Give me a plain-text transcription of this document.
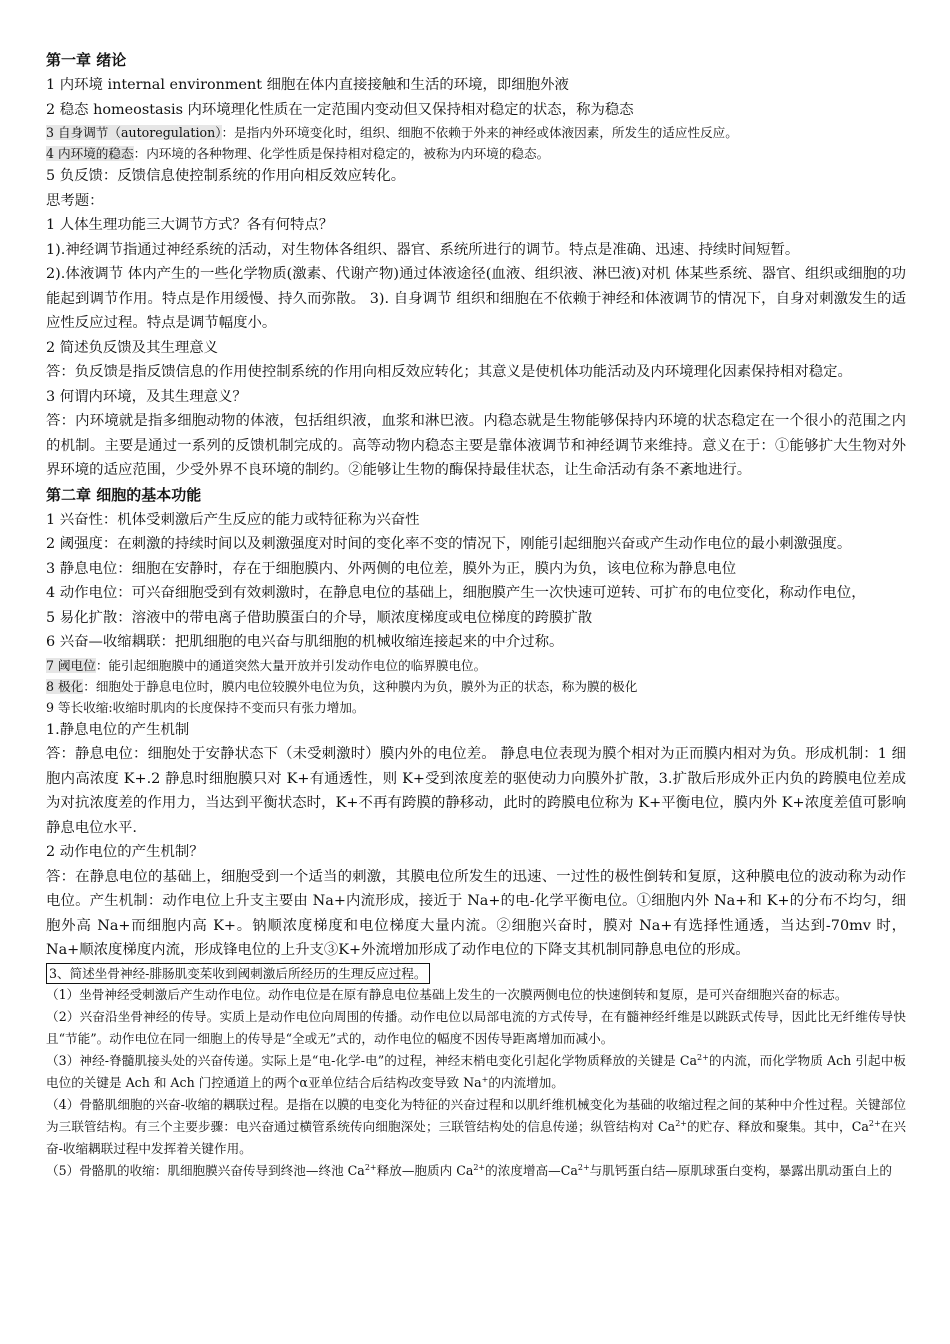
第一章 绪论

1 内环境 internal environment 细胞在体内直接接触和生活的环境，即细胞外液

2 稳态 homeostasis 内环境理化性质在一定范围内变动但又保持相对稳定的状态，称为稳态

3 自身调节（autoregulation）：是指内外环境变化时，组织、细胞不依赖于外来的神经或体液因素，所发生的适应性反应。

4 内环境的稳态：内环境的各种物理、化学性质是保持相对稳定的，被称为内环境的稳态。

5 负反馈：反馈信息使控制系统的作用向相反效应转化。

思考题：

1 人体生理功能三大调节方式？各有何特点？

1).神经调节指通过神经系统的活动，对生物体各组织、器官、系统所进行的调节。特点是准确、迅速、持续时间短暂。

2).体液调节 体内产生的一些化学物质(激素、代谢产物)通过体液途径(血液、组织液、淋巴液)对机 体某些系统、器官、组织或细胞的功能起到调节作用。特点是作用缓慢、持久而弥散。 3). 自身调节 组织和细胞在不依赖于神经和体液调节的情况下，自身对刺激发生的适应性反应过程。特点是调节幅度小。

2 简述负反馈及其生理意义

答：负反馈是指反馈信息的作用使控制系统的作用向相反效应转化；其意义是使机体功能活动及内环境理化因素保持相对稳定。

3 何谓内环境，及其生理意义？

答：内环境就是指多细胞动物的体液，包括组织液，血浆和淋巴液。内稳态就是生物能够保持内环境的状态稳定在一个很小的范围之内的机制。主要是通过一系列的反馈机制完成的。高等动物内稳态主要是靠体液调节和神经调节来维持。意义在于：①能够扩大生物对外界环境的适应范围，少受外界不良环境的制约。②能够让生物的酶保持最佳状态，让生命活动有条不紊地进行。

第二章 细胞的基本功能

1 兴奋性：机体受刺激后产生反应的能力或特征称为兴奋性

2 阈强度：在刺激的持续时间以及刺激强度对时间的变化率不变的情况下，刚能引起细胞兴奋或产生动作电位的最小刺激强度。

3 静息电位：细胞在安静时，存在于细胞膜内、外两侧的电位差，膜外为正，膜内为负，该电位称为静息电位

4 动作电位：可兴奋细胞受到有效刺激时，在静息电位的基础上，细胞膜产生一次快速可逆转、可扩布的电位变化，称动作电位，

5 易化扩散：溶液中的带电离子借助膜蛋白的介导，顺浓度梯度或电位梯度的跨膜扩散

6 兴奋—收缩耦联：把肌细胞的电兴奋与肌细胞的机械收缩连接起来的中介过称。

7 阈电位：能引起细胞膜中的通道突然大量开放并引发动作电位的临界膜电位。

8 极化：细胞处于静息电位时，膜内电位较膜外电位为负，这种膜内为负，膜外为正的状态，称为膜的极化

9 等长收缩:收缩时肌肉的长度保持不变而只有张力增加。

1.静息电位的产生机制

答：静息电位：细胞处于安静状态下（未受刺激时）膜内外的电位差。 静息电位表现为膜个相对为正而膜内相对为负。形成机制：1 细胞内高浓度 K+.2 静息时细胞膜只对 K+有通透性，则 K+受到浓度差的驱使动力向膜外扩散，3.扩散后形成外正内负的跨膜电位差成为对抗浓度差的作用力，当达到平衡状态时，K+不再有跨膜的静移动，此时的跨膜电位称为 K+平衡电位，膜内外 K+浓度差值可影响静息电位水平.

2 动作电位的产生机制？

答：在静息电位的基础上，细胞受到一个适当的刺激，其膜电位所发生的迅速、一过性的极性倒转和复原，这种膜电位的波动称为动作电位。产生机制：动作电位上升支主要由 Na+内流形成，接近于 Na+的电-化学平衡电位。①细胞内外 Na+和 K+的分布不均匀，细胞外高 Na+而细胞内高 K+。钠顺浓度梯度和电位梯度大量内流。②细胞兴奋时，膜对 Na+有选择性通透，当达到-70mv 时，Na+顺浓度梯度内流，形成锋电位的上升支③K+外流增加形成了动作电位的下降支其机制同静息电位的形成。

3、简述坐骨神经-腓肠肌变茱收到阈刺激后所经历的生理反应过程。

（1）坐骨神经受刺激后产生动作电位。动作电位是在原有静息电位基础上发生的一次膜两侧电位的快速倒转和复原，是可兴奋细胞兴奋的标志。

（2）兴奋沿坐骨神经的传导。实质上是动作电位向周围的传播。动作电位以局部电流的方式传导，在有髓神经纤维是以跳跃式传导，因此比无纤维传导快且“节能”。动作电位在同一细胞上的传导是“全或无”式的，动作电位的幅度不因传导距离增加而减小。

（3）神经-脊髓肌接头处的兴奋传递。实际上是“电-化学-电”的过程，神经末梢电变化引起化学物质释放的关键是 $Ca^{2+}$的内流，而化学物质 Ach 引起中板电位的关键是 Ach 和 Ach 门控通道上的两个α亚单位结合后结构改变导致 Na+的内流增加。

（4）骨骼肌细胞的兴奋-收缩的耦联过程。是指在以膜的电变化为特征的兴奋过程和以肌纤维机械变化为基础的收缩过程之间的某种中介性过程。关键部位为三联管结构。有三个主要步骤：电兴奋通过横管系统传向细胞深处；三联管结构处的信息传递；纵管结构对 $Ca^{2+}$的贮存、释放和聚集。其中，$Ca^{2+}$在兴奋-收缩耦联过程中发挥着关键作用。

（5）骨骼肌的收缩：肌细胞膜兴奋传导到终池—终池 $Ca^{2+}$释放—胞质内 $Ca^{2+}$的浓度增高$—Ca^{2+}$与肌钙蛋白结—原肌球蛋白变构，暴露出肌动蛋白上的
